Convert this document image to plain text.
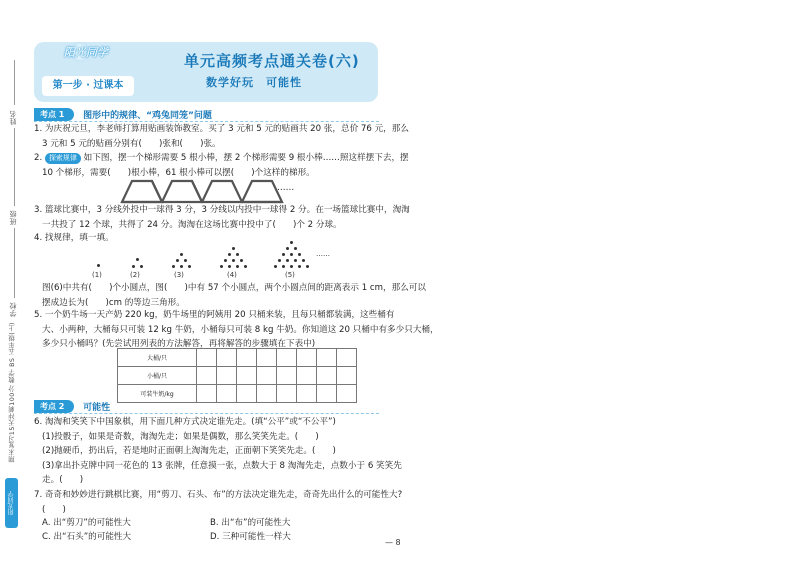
姓名
班级
学校
期末复习15天冲刺100分 数学 BS 五年级(上)
阳光同学
阳光同学
第一步 · 过课本
单元高频考点通关卷(六)
数学好玩　可能性
考点 1 图形中的规律、“鸡兔同笼”问题
1. 为庆祝元旦，李老师打算用贴画装饰教室。买了 3 元和 5 元的贴画共 20 张，总价 76 元，那么
3 元和 5 元的贴画分别有(　　)张和(　　)张。
2. 探索规律 如下图，摆一个梯形需要 5 根小棒，摆 2 个梯形需要 9 根小棒……照这样摆下去，摆
10 个梯形，需要(　　)根小棒，61 根小棒可以摆(　　)个这样的梯形。
……
3. 篮球比赛中，3 分线外投中一球得 3 分，3 分线以内投中一球得 2 分。在一场篮球比赛中，淘淘
一共投了 12 个球，共得了 24 分。淘淘在这场比赛中投中了(　　)个 2 分球。
4. 找规律，填一填。
(1)	(2)	(3)	(4)	(5)
……
图(6)中共有(　　)个小圆点，图(　　)中有 57 个小圆点，两个小圆点间的距离表示 1 cm，那么可以
摆成边长为(　　)cm 的等边三角形。
5. 一个奶牛场一天产奶 220 kg，奶牛场里的阿姨用 20 只桶来装，且每只桶都装满，这些桶有
大、小两种，大桶每只可装 12 kg 牛奶，小桶每只可装 8 kg 牛奶。你知道这 20 只桶中有多少只大桶，
多少只小桶吗？(先尝试用列表的方法解答，再将解答的步骤填在下表中)
大桶/只								
小桶/只								
可装牛奶/kg								
考点 2 可能性
6. 淘淘和笑笑下中国象棋，用下面几种方式决定谁先走。(填“公平”或“不公平”)
(1)投骰子，如果是奇数，淘淘先走；如果是偶数，那么笑笑先走。(　　)
(2)抛硬币，扔出后，若是地时正面朝上淘淘先走，正面朝下笑笑先走。(　　)
(3)拿出扑克牌中同一花色的 13 张牌，任意摸一张，点数大于 8 淘淘先走，点数小于 6 笑笑先
走。(　　)
7. 奇奇和妙妙进行跳棋比赛，用“剪刀、石头、布”的方法决定谁先走，奇奇先出什么的可能性大?
(　　)
A. 出“剪刀”的可能性大	B. 出“布”的可能性大
C. 出“石头”的可能性大	D. 三种可能性一样大
— 8
